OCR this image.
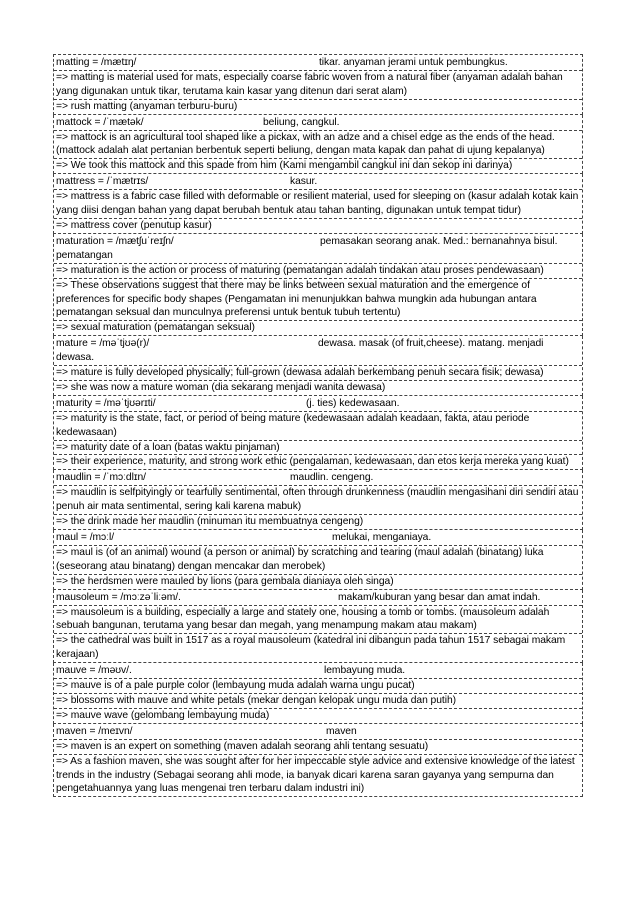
matting = /mætɪŋ/	tikar. anyaman jerami untuk pembungkus.
=> matting is material used for mats, especially coarse fabric woven from a natural fiber (anyaman adalah bahan yang digunakan untuk tikar, terutama kain kasar yang ditenun dari serat alam)
=> rush matting (anyaman terburu-buru)
mattock = /ˈmætək/	beliung, cangkul.
=> mattock is an agricultural tool shaped like a pickax, with an adze and a chisel edge as the ends of the head. (mattock adalah alat pertanian berbentuk seperti beliung, dengan mata kapak dan pahat di ujung kepalanya)
=> We took this mattock and this spade from him (Kami mengambil cangkul ini dan sekop ini darinya)
mattress = /ˈmætrɪs/	kasur.
=> mattress is a fabric case filled with deformable or resilient material, used for sleeping on (kasur adalah kotak kain yang diisi dengan bahan yang dapat berubah bentuk atau tahan banting, digunakan untuk tempat tidur)
=> mattress cover (penutup kasur)
maturation = /mætʃuˈreɪʃn/	pemasakan seorang anak. Med.: bernanahnya bisul.
pematangan
=> maturation is the action or process of maturing (pematangan adalah tindakan atau proses pendewasaan)
=> These observations suggest that there may be links between sexual maturation and the emergence of preferences for specific body shapes (Pengamatan ini menunjukkan bahwa mungkin ada hubungan antara pematangan seksual dan munculnya preferensi untuk bentuk tubuh tertentu)
=> sexual maturation (pematangan seksual)
mature = /məˈtjʊə(r)/	dewasa. masak (of fruit,cheese). matang. menjadi
dewasa.
=> mature is fully developed physically; full-grown (dewasa adalah berkembang penuh secara fisik; dewasa)
=> she was now a mature woman (dia sekarang menjadi wanita dewasa)
maturity = /məˈtjʊərɪti/	(j. ties) kedewasaan.
=> maturity is the state, fact, or period of being mature (kedewasaan adalah keadaan, fakta, atau periode kedewasaan)
=> maturity date of a loan (batas waktu pinjaman)
=> their experience, maturity, and strong work ethic (pengalaman, kedewasaan, dan etos kerja mereka yang kuat)
maudlin = /ˈmɔːdlɪn/	maudlin. cengeng.
=> maudlin is selfpityingly or tearfully sentimental, often through drunkenness (maudlin mengasihani diri sendiri atau penuh air mata sentimental, sering kali karena mabuk)
=> the drink made her maudlin (minuman itu membuatnya cengeng)
maul = /mɔːl/	melukai, menganiaya.
=> maul is (of an animal) wound (a person or animal) by scratching and tearing (maul adalah (binatang) luka (seseorang atau binatang) dengan mencakar dan merobek)
=> the herdsmen were mauled by lions (para gembala dianiaya oleh singa)
mausoleum = /mɔːzəˈliːəm/.	makam/kuburan yang besar dan amat indah.
=> mausoleum is a building, especially a large and stately one, housing a tomb or tombs. (mausoleum adalah sebuah bangunan, terutama yang besar dan megah, yang menampung makam atau makam)
=> the cathedral was built in 1517 as a royal mausoleum (katedral ini dibangun pada tahun 1517 sebagai makam kerajaan)
mauve = /məʊv/.	lembayung muda.
=> mauve is of a pale purple color (lembayung muda adalah warna ungu pucat)
=> blossoms with mauve and white petals (mekar dengan kelopak ungu muda dan putih)
=> mauve wave (gelombang lembayung muda)
maven = /meɪvn/	maven
=> maven is an expert on something (maven adalah seorang ahli tentang sesuatu)
=> As a fashion maven, she was sought after for her impeccable style advice and extensive knowledge of the latest trends in the industry (Sebagai seorang ahli mode, ia banyak dicari karena saran gayanya yang sempurna dan pengetahuannya yang luas mengenai tren terbaru dalam industri ini)
